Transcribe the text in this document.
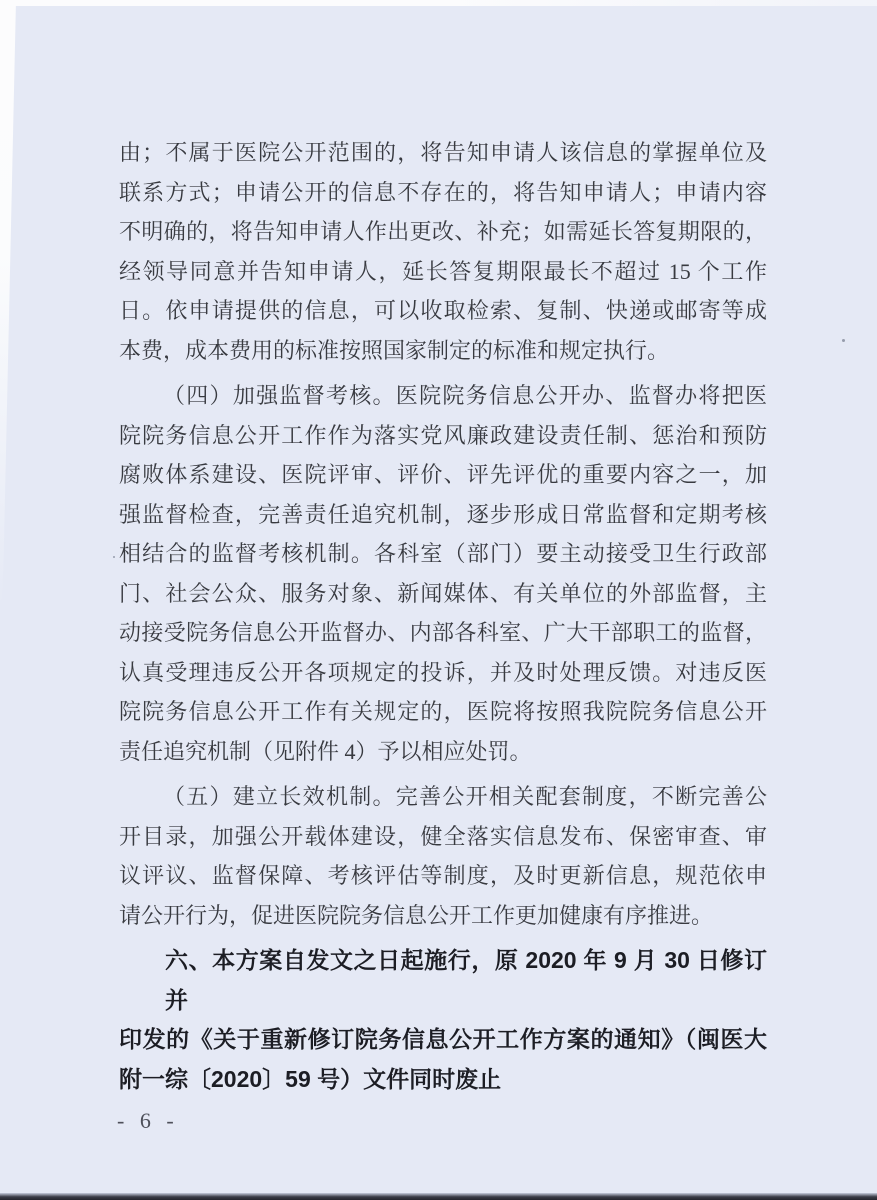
由；不属于医院公开范围的，将告知申请人该信息的掌握单位及
联系方式；申请公开的信息不存在的，将告知申请人；申请内容
不明确的，将告知申请人作出更改、补充；如需延长答复期限的，
经领导同意并告知申请人，延长答复期限最长不超过 15 个工作
日。依申请提供的信息，可以收取检索、复制、快递或邮寄等成
本费，成本费用的标准按照国家制定的标准和规定执行。
（四）加强监督考核。医院院务信息公开办、监督办将把医
院院务信息公开工作作为落实党风廉政建设责任制、惩治和预防
腐败体系建设、医院评审、评价、评先评优的重要内容之一，加
强监督检查，完善责任追究机制，逐步形成日常监督和定期考核
相结合的监督考核机制。各科室（部门）要主动接受卫生行政部
门、社会公众、服务对象、新闻媒体、有关单位的外部监督，主
动接受院务信息公开监督办、内部各科室、广大干部职工的监督，
认真受理违反公开各项规定的投诉，并及时处理反馈。对违反医
院院务信息公开工作有关规定的，医院将按照我院院务信息公开
责任追究机制（见附件 4）予以相应处罚。
（五）建立长效机制。完善公开相关配套制度，不断完善公
开目录，加强公开载体建设，健全落实信息发布、保密审查、审
议评议、监督保障、考核评估等制度，及时更新信息，规范依申
请公开行为，促进医院院务信息公开工作更加健康有序推进。
六、本方案自发文之日起施行，原 2020 年 9 月 30 日修订并
印发的《关于重新修订院务信息公开工作方案的通知》（闽医大
附一综〔2020〕59 号）文件同时废止
- 6 -
